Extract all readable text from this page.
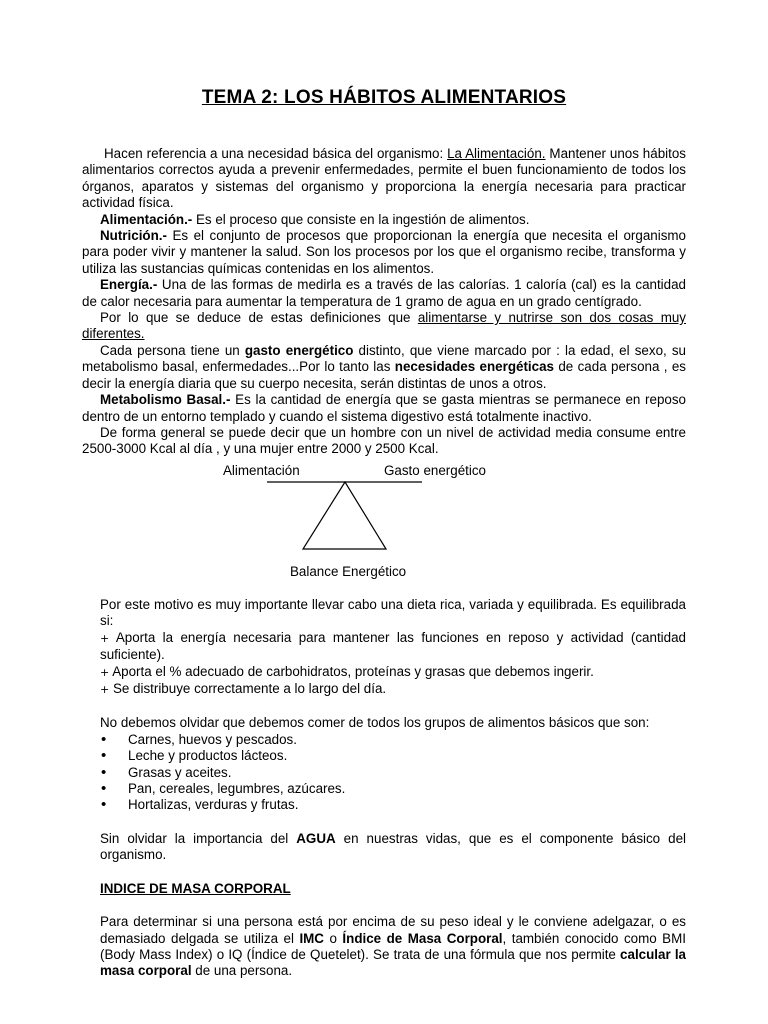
TEMA 2: LOS HÁBITOS ALIMENTARIOS

Hacen referencia a una necesidad básica del organismo: La Alimentación. Mantener unos hábitos alimentarios correctos ayuda a prevenir enfermedades, permite el buen funcionamiento de todos los órganos, aparatos y sistemas del organismo y proporciona la energía necesaria para practicar actividad física.

Alimentación.- Es el proceso que consiste en la ingestión de alimentos.

Nutrición.- Es el conjunto de procesos que proporcionan la energía que necesita el organismo para poder vivir y mantener la salud. Son los procesos por los que el organismo recibe, transforma y utiliza las sustancias químicas contenidas en los alimentos.

Energía.- Una de las formas de medirla es a través de las calorías. 1 caloría (cal) es la cantidad de calor necesaria para aumentar la temperatura de 1 gramo de agua en un grado centígrado.

Por lo que se deduce de estas definiciones que alimentarse y nutrirse son dos cosas muy diferentes.

Cada persona tiene un gasto energético distinto, que viene marcado por : la edad, el sexo, su metabolismo basal, enfermedades...Por lo tanto las necesidades energéticas de cada persona , es decir la energía diaria que su cuerpo necesita, serán distintas de unos a otros.

Metabolismo Basal.- Es la cantidad de energía que se gasta mientras se permanece en reposo dentro de un entorno templado y cuando el sistema digestivo está totalmente inactivo.

De forma general se puede decir que un hombre con un nivel de actividad media consume entre 2500-3000 Kcal al día , y una mujer entre 2000 y 2500 Kcal.

Alimentación	Gasto energético
Balance Energético

Por este motivo es muy importante llevar cabo una dieta rica, variada y equilibrada. Es equilibrada si:

+ Aporta la energía necesaria para mantener las funciones en reposo y actividad (cantidad suficiente).

+ Aporta el % adecuado de carbohidratos, proteínas y grasas que debemos ingerir.

+ Se distribuye correctamente a lo largo del día.

No debemos olvidar que debemos comer de todos los grupos de alimentos básicos que son:

• Carnes, huevos y pescados.
• Leche y productos lácteos.
• Grasas y aceites.
• Pan, cereales, legumbres, azúcares.
• Hortalizas, verduras y frutas.

Sin olvidar la importancia del AGUA en nuestras vidas, que es el componente básico del organismo.

INDICE DE MASA CORPORAL

Para determinar si una persona está por encima de su peso ideal y le conviene adelgazar, o es demasiado delgada se utiliza el IMC o Índice de Masa Corporal, también conocido como BMI (Body Mass Index) o IQ (Índice de Quetelet). Se trata de una fórmula que nos permite calcular la masa corporal de una persona.
